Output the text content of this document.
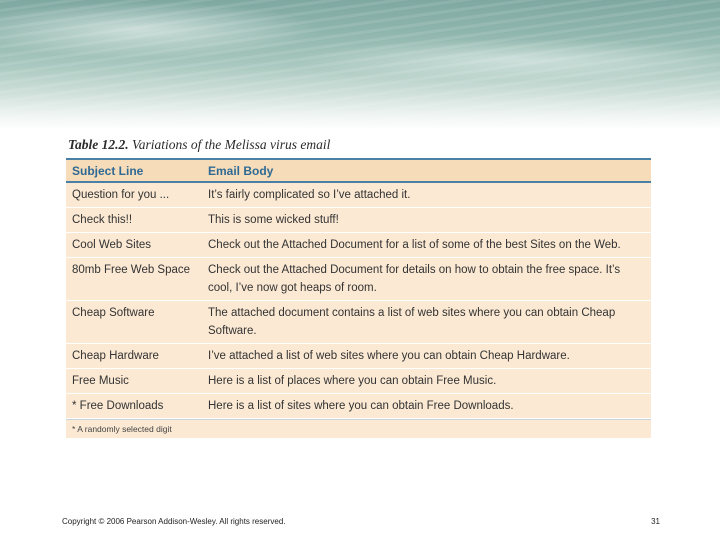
Table 12.2. Variations of the Melissa virus email
Subject Line	Email Body
Question for you ...	It’s fairly complicated so I’ve attached it.
Check this!!	This is some wicked stuff!
Cool Web Sites	Check out the Attached Document for a list of some of the best Sites on the Web.
80mb Free Web Space	Check out the Attached Document for details on how to obtain the free space. It’s cool, I’ve now got heaps of room.
Cheap Software	The attached document contains a list of web sites where you can obtain Cheap Software.
Cheap Hardware	I’ve attached a list of web sites where you can obtain Cheap Hardware.
Free Music	Here is a list of places where you can obtain Free Music.
* Free Downloads	Here is a list of sites where you can obtain Free Downloads.
* A randomly selected digit
Copyright © 2006 Pearson Addison-Wesley. All rights reserved.	31
